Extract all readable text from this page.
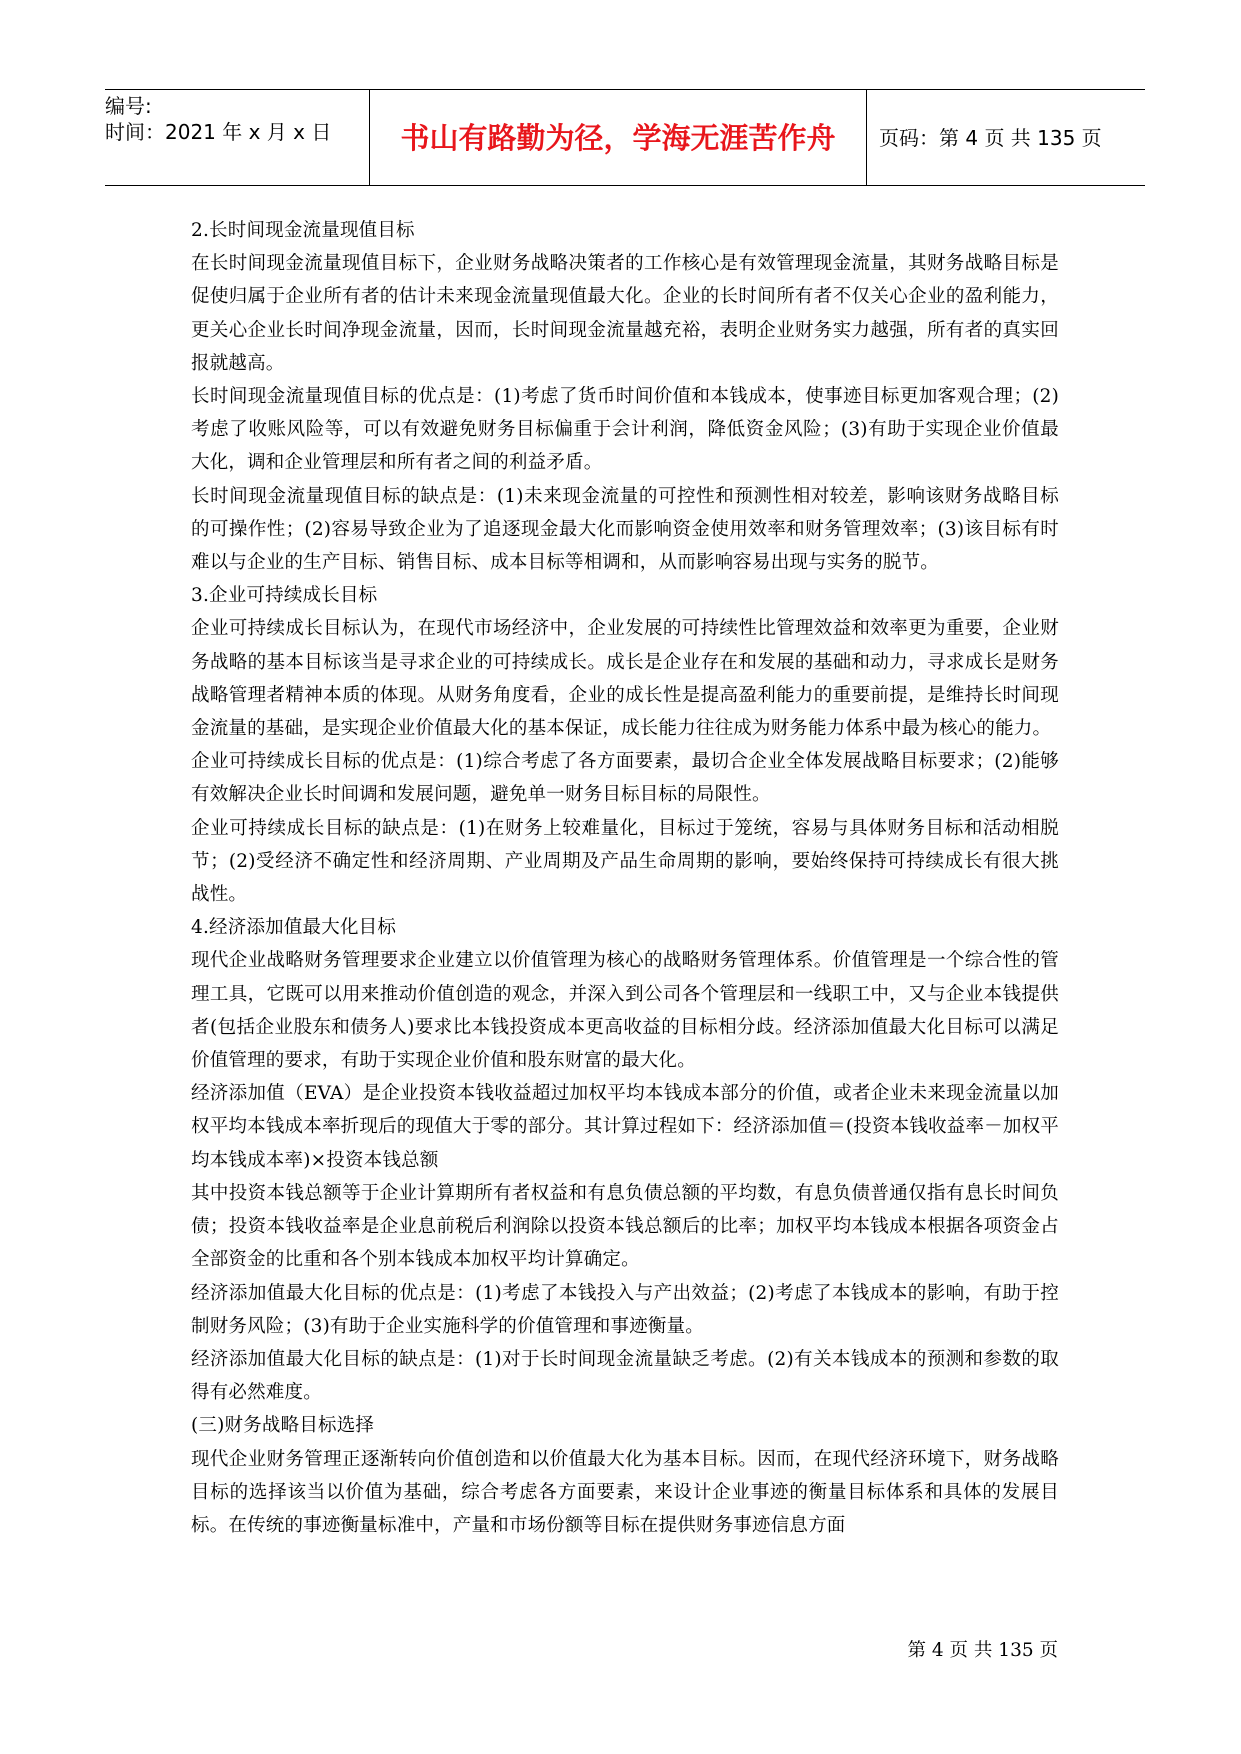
编号:
时间：2021 年 x 月 x 日	书山有路勤为径，学海无涯苦作舟	页码：第 4 页 共 135 页

2.长时间现金流量现值目标

在长时间现金流量现值目标下，企业财务战略决策者的工作核心是有效管理现金流量，其财务战略目标是促使归属于企业所有者的估计未来现金流量现值最大化。企业的长时间所有者不仅关心企业的盈利能力，更关心企业长时间净现金流量，因而，长时间现金流量越充裕，表明企业财务实力越强，所有者的真实回报就越高。

长时间现金流量现值目标的优点是：(1)考虑了货币时间价值和本钱成本，使事迹目标更加客观合理；(2)考虑了收账风险等，可以有效避免财务目标偏重于会计利润，降低资金风险；(3)有助于实现企业价值最大化，调和企业管理层和所有者之间的利益矛盾。

长时间现金流量现值目标的缺点是：(1)未来现金流量的可控性和预测性相对较差，影响该财务战略目标的可操作性；(2)容易导致企业为了追逐现金最大化而影响资金使用效率和财务管理效率；(3)该目标有时难以与企业的生产目标、销售目标、成本目标等相调和，从而影响容易出现与实务的脱节。

3.企业可持续成长目标

企业可持续成长目标认为，在现代市场经济中，企业发展的可持续性比管理效益和效率更为重要，企业财务战略的基本目标该当是寻求企业的可持续成长。成长是企业存在和发展的基础和动力，寻求成长是财务战略管理者精神本质的体现。从财务角度看，企业的成长性是提高盈利能力的重要前提，是维持长时间现金流量的基础，是实现企业价值最大化的基本保证，成长能力往往成为财务能力体系中最为核心的能力。

企业可持续成长目标的优点是：(1)综合考虑了各方面要素，最切合企业全体发展战略目标要求；(2)能够有效解决企业长时间调和发展问题，避免单一财务目标目标的局限性。

企业可持续成长目标的缺点是：(1)在财务上较难量化，目标过于笼统，容易与具体财务目标和活动相脱节；(2)受经济不确定性和经济周期、产业周期及产品生命周期的影响，要始终保持可持续成长有很大挑战性。

4.经济添加值最大化目标

现代企业战略财务管理要求企业建立以价值管理为核心的战略财务管理体系。价值管理是一个综合性的管理工具，它既可以用来推动价值创造的观念，并深入到公司各个管理层和一线职工中，又与企业本钱提供者(包括企业股东和债务人)要求比本钱投资成本更高收益的目标相分歧。经济添加值最大化目标可以满足价值管理的要求，有助于实现企业价值和股东财富的最大化。

经济添加值（EVA）是企业投资本钱收益超过加权平均本钱成本部分的价值，或者企业未来现金流量以加权平均本钱成本率折现后的现值大于零的部分。其计算过程如下：经济添加值＝(投资本钱收益率－加权平均本钱成本率)×投资本钱总额

其中投资本钱总额等于企业计算期所有者权益和有息负债总额的平均数，有息负债普通仅指有息长时间负债；投资本钱收益率是企业息前税后利润除以投资本钱总额后的比率；加权平均本钱成本根据各项资金占全部资金的比重和各个别本钱成本加权平均计算确定。

经济添加值最大化目标的优点是：(1)考虑了本钱投入与产出效益；(2)考虑了本钱成本的影响，有助于控制财务风险；(3)有助于企业实施科学的价值管理和事迹衡量。

经济添加值最大化目标的缺点是：(1)对于长时间现金流量缺乏考虑。(2)有关本钱成本的预测和参数的取得有必然难度。

(三)财务战略目标选择

现代企业财务管理正逐渐转向价值创造和以价值最大化为基本目标。因而，在现代经济环境下，财务战略目标的选择该当以价值为基础，综合考虑各方面要素，来设计企业事迹的衡量目标体系和具体的发展目标。在传统的事迹衡量标准中，产量和市场份额等目标在提供财务事迹信息方面

第 4 页 共 135 页
